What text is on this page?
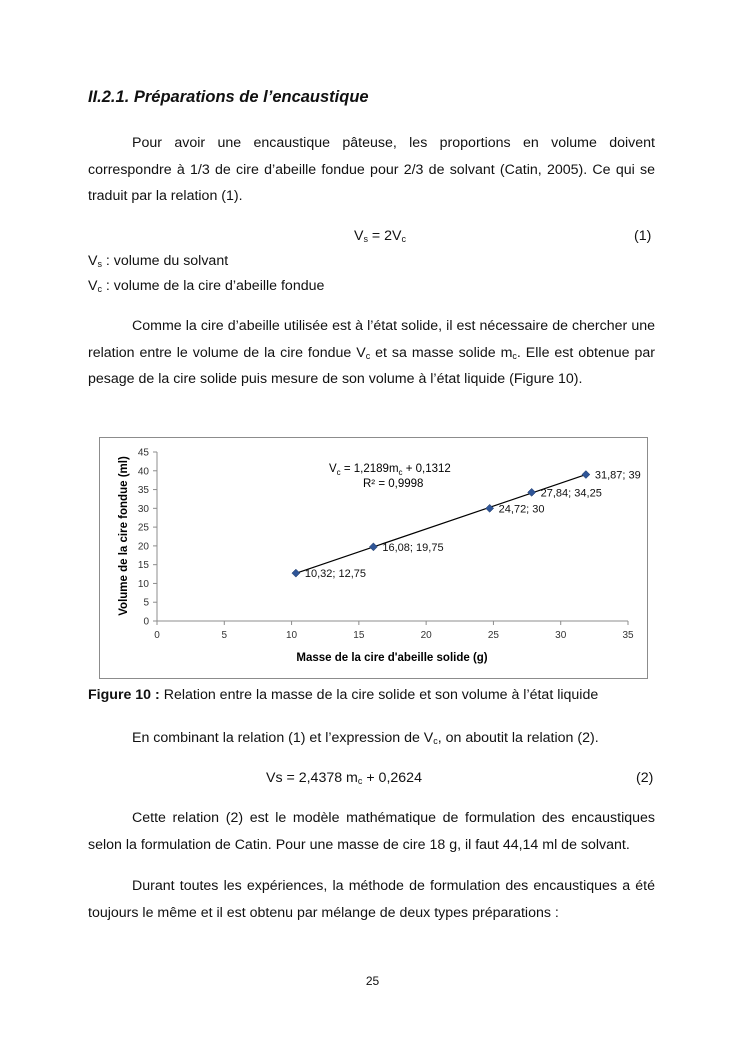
II.2.1. Préparations de l’encaustique
Pour avoir une encaustique pâteuse, les proportions en volume doivent correspondre à 1/3 de cire d’abeille fondue pour 2/3 de solvant (Catin, 2005). Ce qui se traduit par la relation (1).
$V_s = 2V_c$	(1)
$V_s$ : volume du solvant
$V_c$ : volume de la cire d’abeille fondue
Comme la cire d’abeille utilisée est à l’état solide, il est nécessaire de chercher une relation entre le volume de la cire fondue $V_c$ et sa masse solide $m_c$. Elle est obtenue par pesage de la cire solide puis mesure de son volume à l’état liquide (Figure 10).
0
5
10
15
20
25
30
35
40
45
0	5	10	15	20	25	30	35
10,32; 12,75
16,08; 19,75
24,72; 30
27,84; 34,25
31,87; 39
Volume de la cire fondue (ml)
Masse de la cire d'abeille solide (g)
$V_c = 1,2189m_c + 0,1312$
R² = 0,9998
Figure 10 : Relation entre la masse de la cire solide et son volume à l’état liquide
En combinant la relation (1) et l’expression de $V_c$, on aboutit la relation (2).
Vs = 2,4378 $m_c + 0,2624$	(2)
Cette relation (2) est le modèle mathématique de formulation des encaustiques selon la formulation de Catin. Pour une masse de cire 18 g, il faut 44,14 ml de solvant.
Durant toutes les expériences, la méthode de formulation des encaustiques a été toujours le même et il est obtenu par mélange de deux types préparations :
25
